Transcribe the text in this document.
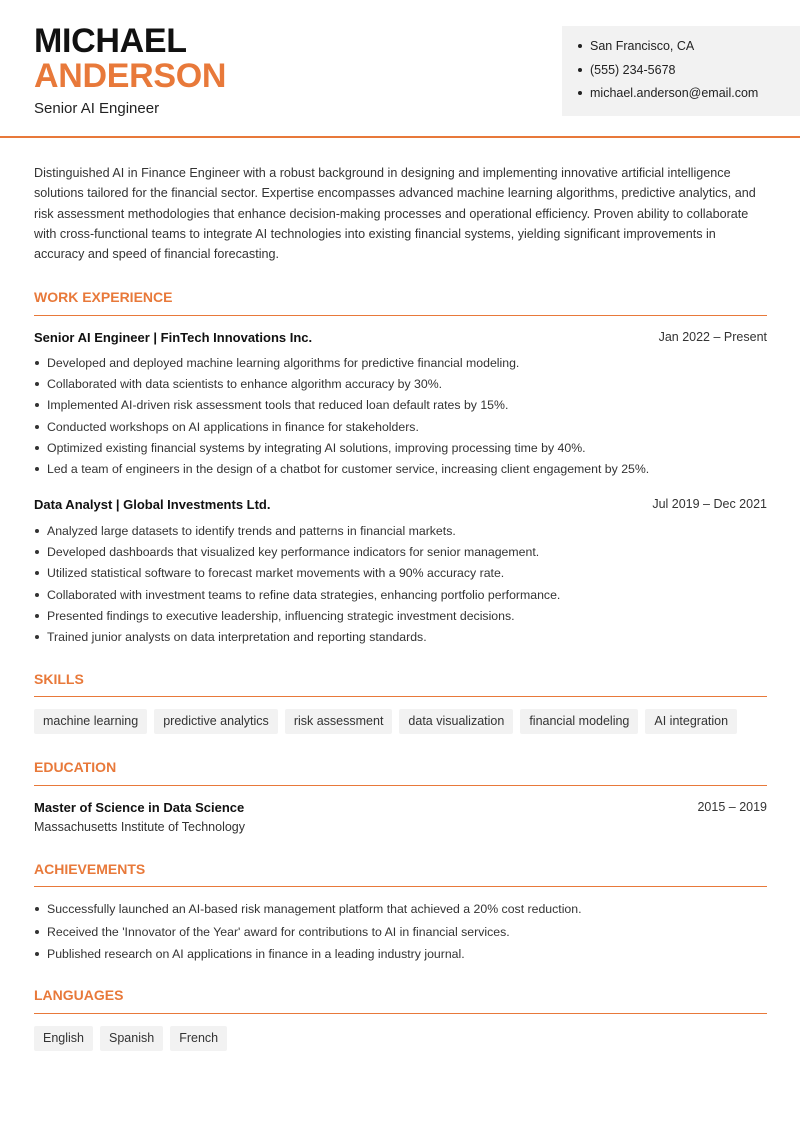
MICHAEL
ANDERSON
Senior AI Engineer
San Francisco, CA
(555) 234-5678
michael.anderson@email.com

Distinguished AI in Finance Engineer with a robust background in designing and implementing innovative artificial intelligence solutions tailored for the financial sector. Expertise encompasses advanced machine learning algorithms, predictive analytics, and risk assessment methodologies that enhance decision-making processes and operational efficiency. Proven ability to collaborate with cross-functional teams to integrate AI technologies into existing financial systems, yielding significant improvements in accuracy and speed of financial forecasting.

WORK EXPERIENCE
Senior AI Engineer | FinTech Innovations Inc.	Jan 2022 – Present
Developed and deployed machine learning algorithms for predictive financial modeling.
Collaborated with data scientists to enhance algorithm accuracy by 30%.
Implemented AI-driven risk assessment tools that reduced loan default rates by 15%.
Conducted workshops on AI applications in finance for stakeholders.
Optimized existing financial systems by integrating AI solutions, improving processing time by 40%.
Led a team of engineers in the design of a chatbot for customer service, increasing client engagement by 25%.
Data Analyst | Global Investments Ltd.	Jul 2019 – Dec 2021
Analyzed large datasets to identify trends and patterns in financial markets.
Developed dashboards that visualized key performance indicators for senior management.
Utilized statistical software to forecast market movements with a 90% accuracy rate.
Collaborated with investment teams to refine data strategies, enhancing portfolio performance.
Presented findings to executive leadership, influencing strategic investment decisions.
Trained junior analysts on data interpretation and reporting standards.
SKILLS
machine learning	predictive analytics	risk assessment	data visualization	financial modeling	AI integration
EDUCATION
Master of Science in Data Science	2015 – 2019
Massachusetts Institute of Technology
ACHIEVEMENTS
Successfully launched an AI-based risk management platform that achieved a 20% cost reduction.
Received the 'Innovator of the Year' award for contributions to AI in financial services.
Published research on AI applications in finance in a leading industry journal.
LANGUAGES
English	Spanish	French
